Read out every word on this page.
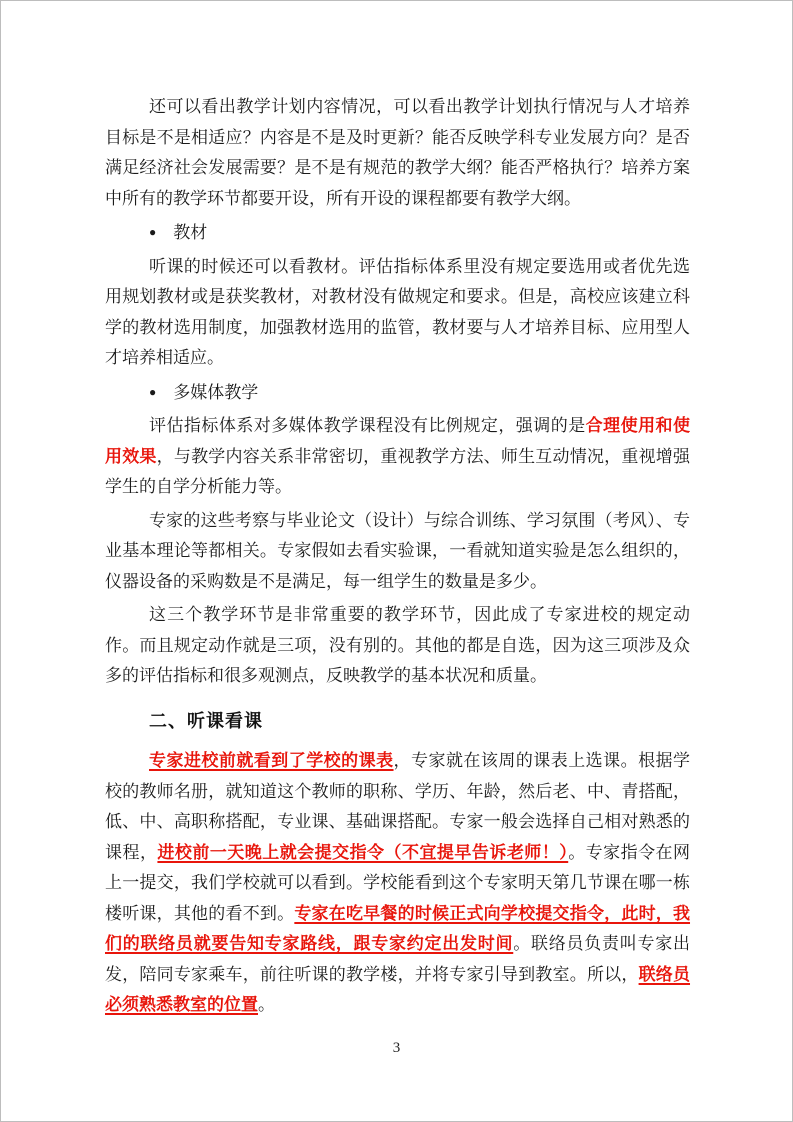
还可以看出教学计划内容情况，可以看出教学计划执行情况与人才培养目标是不是相适应？内容是不是及时更新？能否反映学科专业发展方向？是否满足经济社会发展需要？是不是有规范的教学大纲？能否严格执行？培养方案中所有的教学环节都要开设，所有开设的课程都要有教学大纲。

● 教材

听课的时候还可以看教材。评估指标体系里没有规定要选用或者优先选用规划教材或是获奖教材，对教材没有做规定和要求。但是，高校应该建立科学的教材选用制度，加强教材选用的监管，教材要与人才培养目标、应用型人才培养相适应。

● 多媒体教学

评估指标体系对多媒体教学课程没有比例规定，强调的是合理使用和使用效果，与教学内容关系非常密切，重视教学方法、师生互动情况，重视增强学生的自学分析能力等。

专家的这些考察与毕业论文（设计）与综合训练、学习氛围（考风）、专业基本理论等都相关。专家假如去看实验课，一看就知道实验是怎么组织的，仪器设备的采购数是不是满足，每一组学生的数量是多少。

这三个教学环节是非常重要的教学环节，因此成了专家进校的规定动作。而且规定动作就是三项，没有别的。其他的都是自选，因为这三项涉及众多的评估指标和很多观测点，反映教学的基本状况和质量。

二、听课看课

专家进校前就看到了学校的课表，专家就在该周的课表上选课。根据学校的教师名册，就知道这个教师的职称、学历、年龄，然后老、中、青搭配，低、中、高职称搭配，专业课、基础课搭配。专家一般会选择自己相对熟悉的课程，进校前一天晚上就会提交指令（不宜提早告诉老师！）。专家指令在网上一提交，我们学校就可以看到。学校能看到这个专家明天第几节课在哪一栋楼听课，其他的看不到。专家在吃早餐的时候正式向学校提交指令，此时，我们的联络员就要告知专家路线，跟专家约定出发时间。联络员负责叫专家出发，陪同专家乘车，前往听课的教学楼，并将专家引导到教室。所以，联络员必须熟悉教室的位置。

3
